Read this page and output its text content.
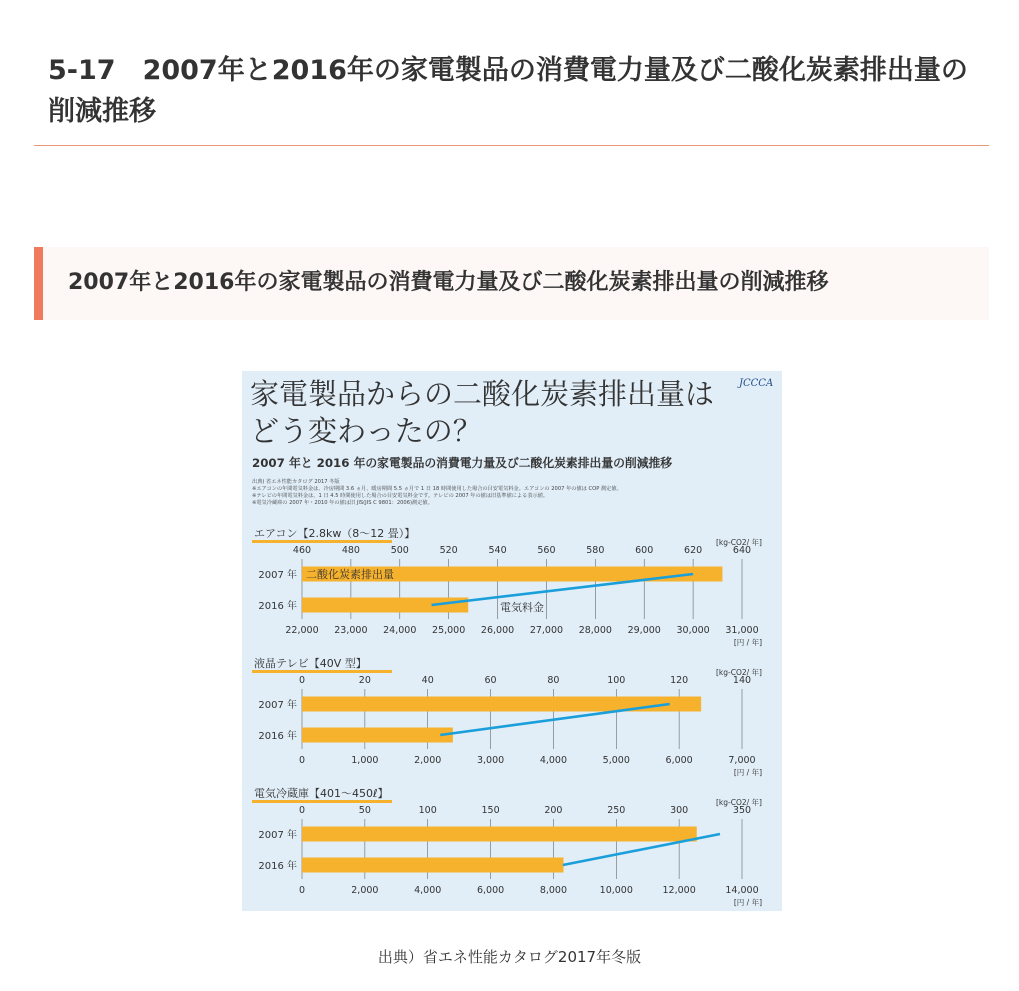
5-17　2007年と2016年の家電製品の消費電力量及び二酸化炭素排出量の削減推移
2007年と2016年の家電製品の消費電力量及び二酸化炭素排出量の削減推移
家電製品からの二酸化炭素排出量は
どう変わったの？
JCCCA
2007 年と 2016 年の家電製品の消費電力量及び二酸化炭素排出量の削減推移
出典) 省エネ性能カタログ 2017 冬版
※エアコンの年間電気料金は、冷房期間 3.6 ヵ月、暖房期間 5.5 ヵ月で 1 日 18 時間使用した場合の目安電気料金。エアコンの 2007 年の値は COP 測定値。
※テレビの年間電気料金は、1 日 4.5 時間使用した場合の目安電気料金です。テレビの 2007 年の値は旧基準値による表示値。
※電気冷蔵庫の 2007 年・2010 年の値は旧 JIS(JIS C 9801：2006)測定値。
エアコン【2.8kw（8～12 畳）】
[kg-CO2/ 年]
[円 / 年]
460	480	500	520	540	560	580	600	620	640
22,000 23,000 24,000 25,000 26,000 27,000 28,000 29,000 30,000 31,000
2007 年
2016 年
二酸化炭素排出量
電気料金
液晶テレビ【40V 型】
[kg-CO2/ 年]
[円 / 年]
0	20	40	60	80	100	120	140
0	1,000	2,000	3,000	4,000	5,000	6,000	7,000
2007 年
2016 年
電気冷蔵庫【401～450ℓ】
[kg-CO2/ 年]
[円 / 年]
0	50	100	150	200	250	300	350
0	2,000	4,000	6,000	8,000	10,000	12,000	14,000
2007 年
2016 年
出典）省エネ性能カタログ2017年冬版
